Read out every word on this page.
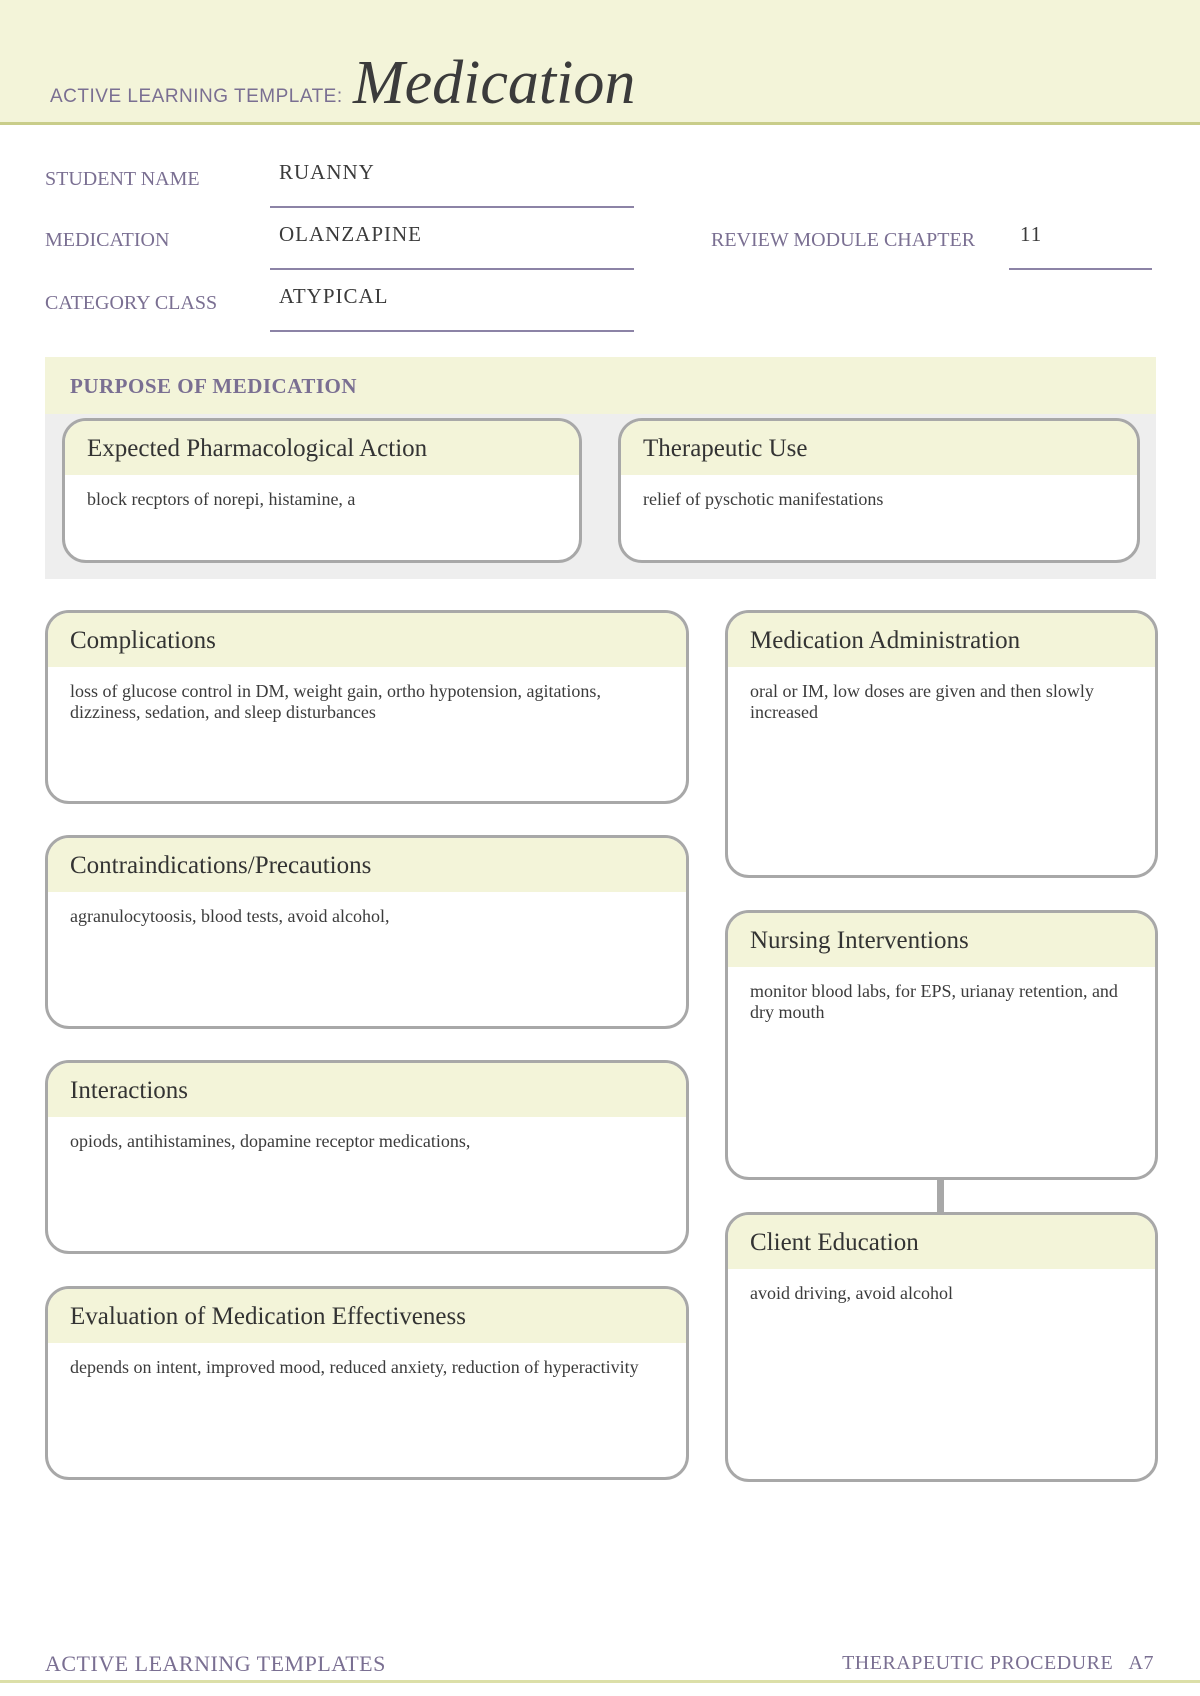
ACTIVE LEARNING TEMPLATE: Medication
STUDENT NAME	RUANNY
MEDICATION	OLANZAPINE
CATEGORY CLASS	ATYPICAL
REVIEW MODULE CHAPTER 11
PURPOSE OF MEDICATION
Expected Pharmacological Action
block recptors of norepi, histamine, a
Therapeutic Use
relief of pyschotic manifestations
Complications
loss of glucose control in DM, weight gain, ortho hypotension, agitations, dizziness, sedation, and sleep disturbances
Contraindications/Precautions
agranulocytoosis, blood tests, avoid alcohol,
Interactions
opiods, antihistamines, dopamine receptor medications,
Evaluation of Medication Effectiveness
depends on intent, improved mood, reduced anxiety, reduction of hyperactivity
Medication Administration
oral or IM, low doses are given and then slowly increased
Nursing Interventions
monitor blood labs, for EPS, urianay retention, and dry mouth
Client Education
avoid driving, avoid alcohol
ACTIVE LEARNING TEMPLATES	THERAPEUTIC PROCEDURE   A7
